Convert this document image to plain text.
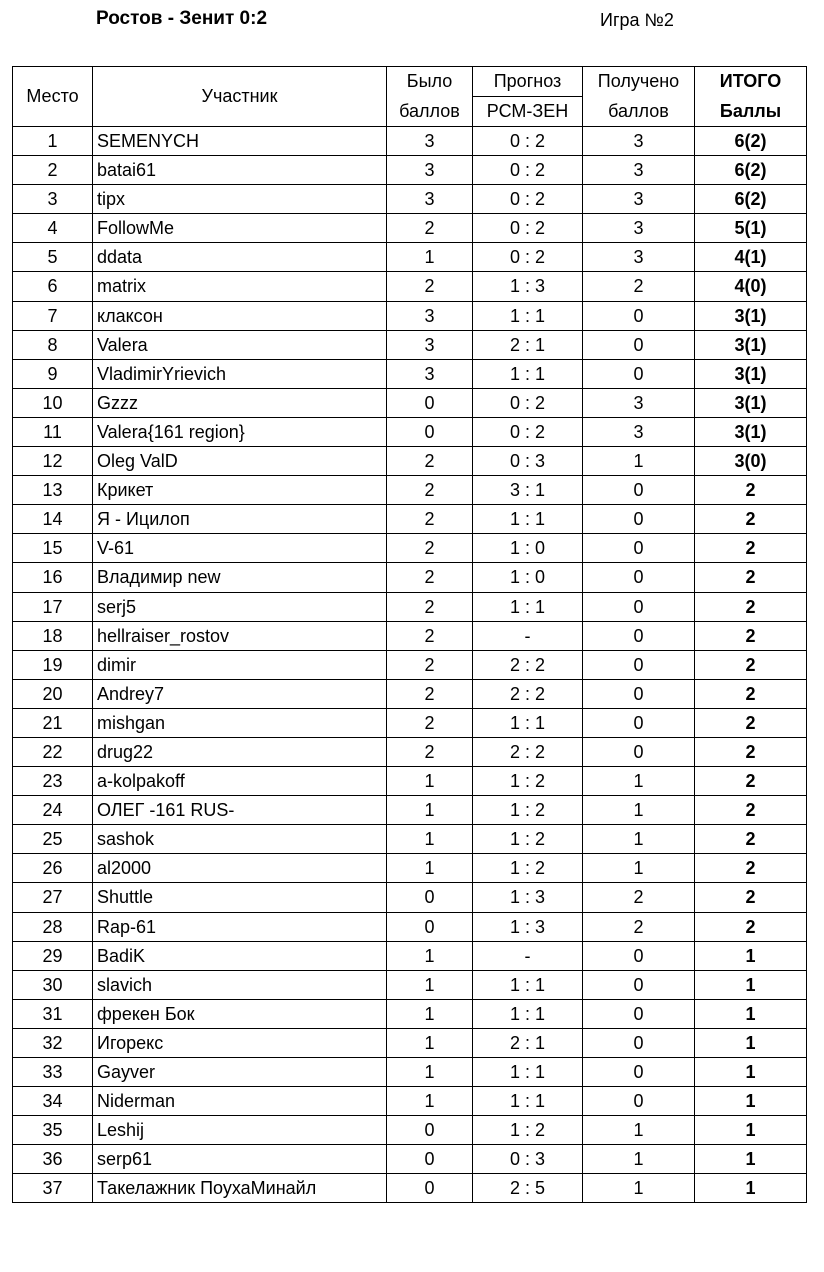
Ростов - Зенит 0:2	Игра №2
Место	Участник	Было	Прогноз	Получено	ИТОГО
		баллов	РСМ-ЗЕН	баллов	Баллы
1	SEMENYCH	3	0 : 2	3	6(2)
2	batai61	3	0 : 2	3	6(2)
3	tipx	3	0 : 2	3	6(2)
4	FollowMe	2	0 : 2	3	5(1)
5	ddata	1	0 : 2	3	4(1)
6	matrix	2	1 : 3	2	4(0)
7	клаксон	3	1 : 1	0	3(1)
8	Valera	3	2 : 1	0	3(1)
9	VladimirYrievich	3	1 : 1	0	3(1)
10	Gzzz	0	0 : 2	3	3(1)
11	Valera{161 region}	0	0 : 2	3	3(1)
12	Oleg ValD	2	0 : 3	1	3(0)
13	Крикет	2	3 : 1	0	2
14	Я - Ицилоп	2	1 : 1	0	2
15	V-61	2	1 : 0	0	2
16	Владимир new	2	1 : 0	0	2
17	serj5	2	1 : 1	0	2
18	hellraiser_rostov	2	-	0	2
19	dimir	2	2 : 2	0	2
20	Andrey7	2	2 : 2	0	2
21	mishgan	2	1 : 1	0	2
22	drug22	2	2 : 2	0	2
23	a-kolpakoff	1	1 : 2	1	2
24	ОЛЕГ -161 RUS-	1	1 : 2	1	2
25	sashok	1	1 : 2	1	2
26	al2000	1	1 : 2	1	2
27	Shuttle	0	1 : 3	2	2
28	Rap-61	0	1 : 3	2	2
29	BadiK	1	-	0	1
30	slavich	1	1 : 1	0	1
31	фрекен Бок	1	1 : 1	0	1
32	Игорекс	1	2 : 1	0	1
33	Gayver	1	1 : 1	0	1
34	Niderman	1	1 : 1	0	1
35	Leshij	0	1 : 2	1	1
36	serp61	0	0 : 3	1	1
37	Такелажник ПоухаМинайл	0	2 : 5	1	1
